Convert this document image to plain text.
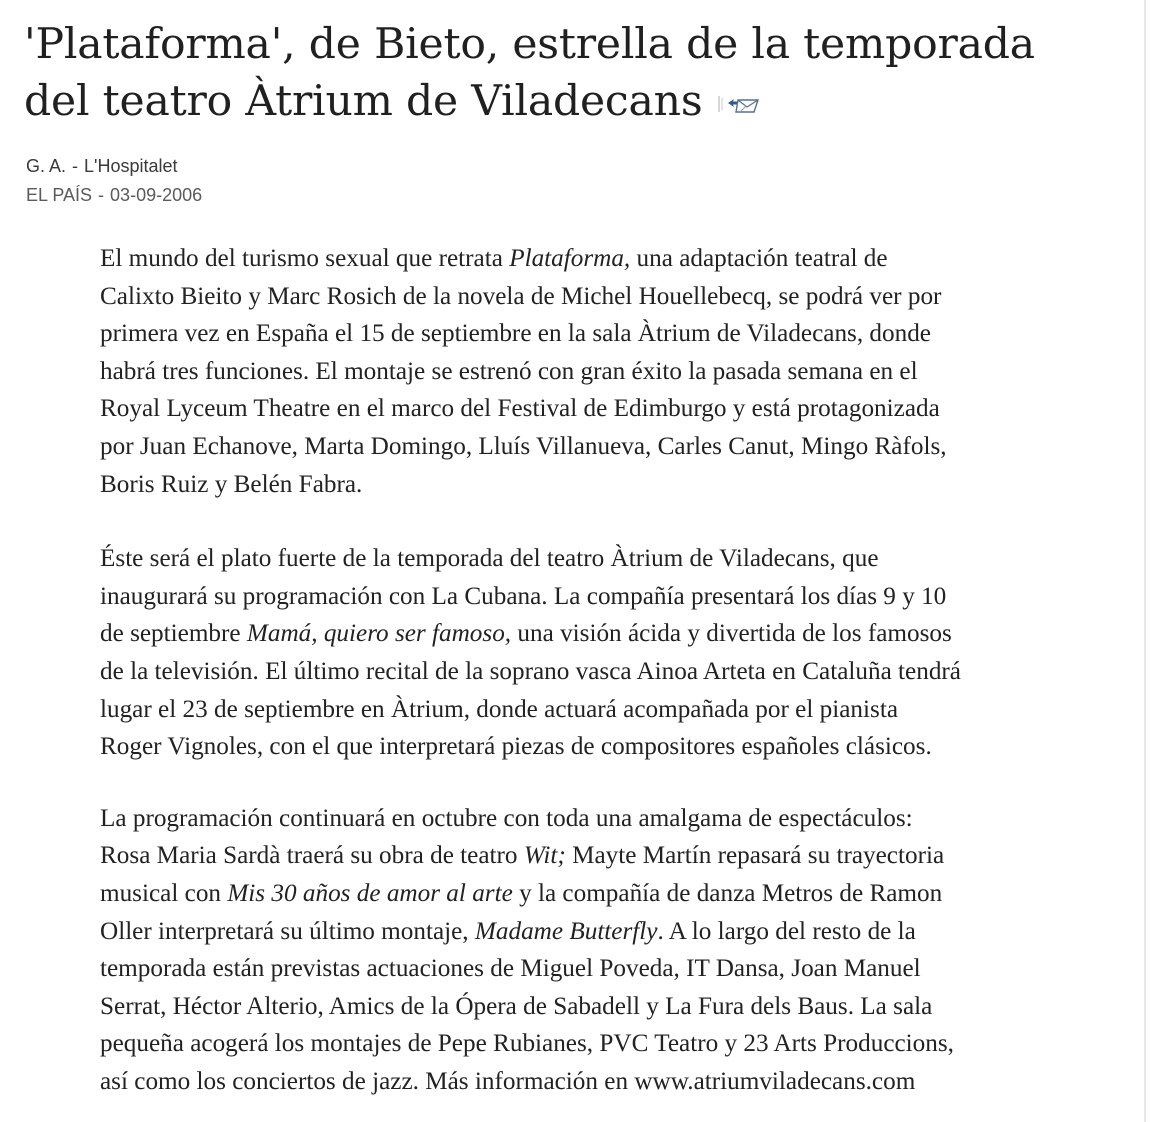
'Plataforma', de Bieto, estrella de la temporada
del teatro Àtrium de Viladecans
G. A. - L'Hospitalet
EL PAÍS - 03-09-2006

El mundo del turismo sexual que retrata Plataforma, una adaptación teatral de
Calixto Bieito y Marc Rosich de la novela de Michel Houellebecq, se podrá ver por
primera vez en España el 15 de septiembre en la sala Àtrium de Viladecans, donde
habrá tres funciones. El montaje se estrenó con gran éxito la pasada semana en el
Royal Lyceum Theatre en el marco del Festival de Edimburgo y está protagonizada
por Juan Echanove, Marta Domingo, Lluís Villanueva, Carles Canut, Mingo Ràfols,
Boris Ruiz y Belén Fabra.

Éste será el plato fuerte de la temporada del teatro Àtrium de Viladecans, que
inaugurará su programación con La Cubana. La compañía presentará los días 9 y 10
de septiembre Mamá, quiero ser famoso, una visión ácida y divertida de los famosos
de la televisión. El último recital de la soprano vasca Ainoa Arteta en Cataluña tendrá
lugar el 23 de septiembre en Àtrium, donde actuará acompañada por el pianista
Roger Vignoles, con el que interpretará piezas de compositores españoles clásicos.

La programación continuará en octubre con toda una amalgama de espectáculos:
Rosa Maria Sardà traerá su obra de teatro Wit; Mayte Martín repasará su trayectoria
musical con Mis 30 años de amor al arte y la compañía de danza Metros de Ramon
Oller interpretará su último montaje, Madame Butterfly. A lo largo del resto de la
temporada están previstas actuaciones de Miguel Poveda, IT Dansa, Joan Manuel
Serrat, Héctor Alterio, Amics de la Ópera de Sabadell y La Fura dels Baus. La sala
pequeña acogerá los montajes de Pepe Rubianes, PVC Teatro y 23 Arts Produccions,
así como los conciertos de jazz. Más información en www.atriumviladecans.com
